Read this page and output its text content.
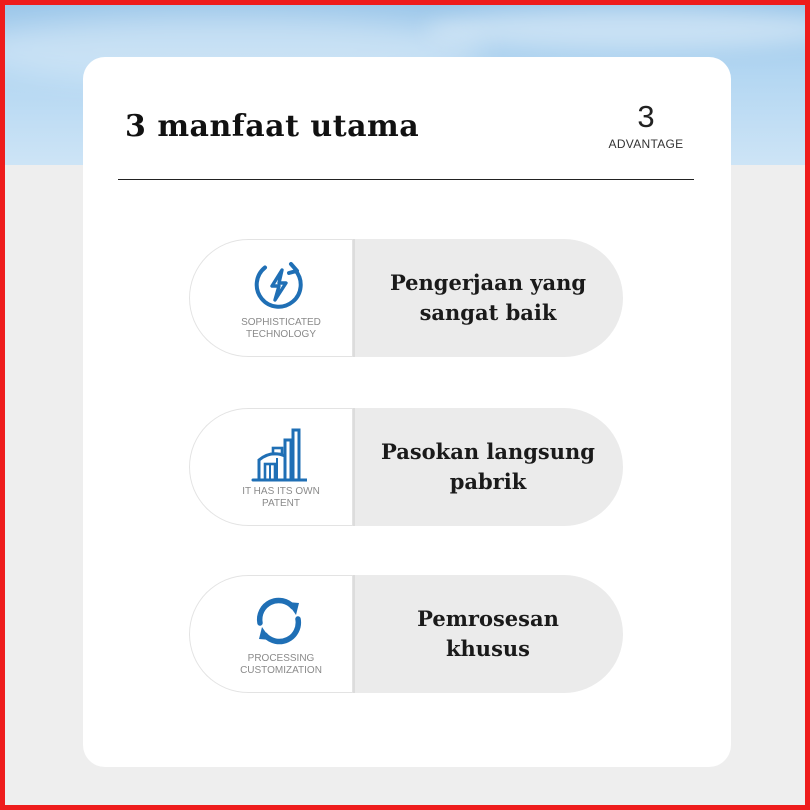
3 manfaat utama	3
ADVANTAGE
SOPHISTICATED
TECHNOLOGY
Pengerjaan yang
sangat baik
IT HAS ITS OWN
PATENT
Pasokan langsung
pabrik
PROCESSING
CUSTOMIZATION
Pemrosesan
khusus
